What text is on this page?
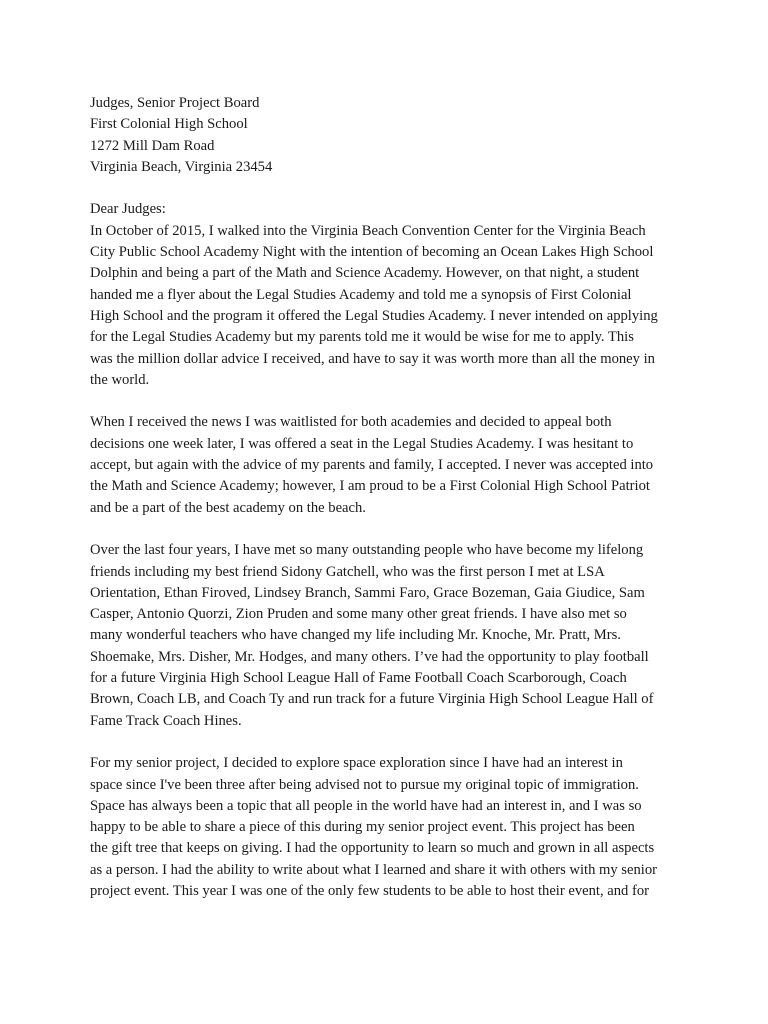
Judges, Senior Project Board
First Colonial High School
1272 Mill Dam Road
Virginia Beach, Virginia 23454
Dear Judges:
In October of 2015, I walked into the Virginia Beach Convention Center for the Virginia Beach
City Public School Academy Night with the intention of becoming an Ocean Lakes High School
Dolphin and being a part of the Math and Science Academy. However, on that night, a student
handed me a flyer about the Legal Studies Academy and told me a synopsis of First Colonial
High School and the program it offered the Legal Studies Academy. I never intended on applying
for the Legal Studies Academy but my parents told me it would be wise for me to apply. This
was the million dollar advice I received, and have to say it was worth more than all the money in
the world.
When I received the news I was waitlisted for both academies and decided to appeal both
decisions one week later, I was offered a seat in the Legal Studies Academy. I was hesitant to
accept, but again with the advice of my parents and family, I accepted. I never was accepted into
the Math and Science Academy; however, I am proud to be a First Colonial High School Patriot
and be a part of the best academy on the beach.
Over the last four years, I have met so many outstanding people who have become my lifelong
friends including my best friend Sidony Gatchell, who was the first person I met at LSA
Orientation, Ethan Firoved, Lindsey Branch, Sammi Faro, Grace Bozeman, Gaia Giudice, Sam
Casper, Antonio Quorzi, Zion Pruden and some many other great friends. I have also met so
many wonderful teachers who have changed my life including Mr. Knoche, Mr. Pratt, Mrs.
Shoemake, Mrs. Disher, Mr. Hodges, and many others. I’ve had the opportunity to play football
for a future Virginia High School League Hall of Fame Football Coach Scarborough, Coach
Brown, Coach LB, and Coach Ty and run track for a future Virginia High School League Hall of
Fame Track Coach Hines.
For my senior project, I decided to explore space exploration since I have had an interest in
space since I've been three after being advised not to pursue my original topic of immigration.
Space has always been a topic that all people in the world have had an interest in, and I was so
happy to be able to share a piece of this during my senior project event. This project has been
the gift tree that keeps on giving. I had the opportunity to learn so much and grown in all aspects
as a person. I had the ability to write about what I learned and share it with others with my senior
project event. This year I was one of the only few students to be able to host their event, and for
